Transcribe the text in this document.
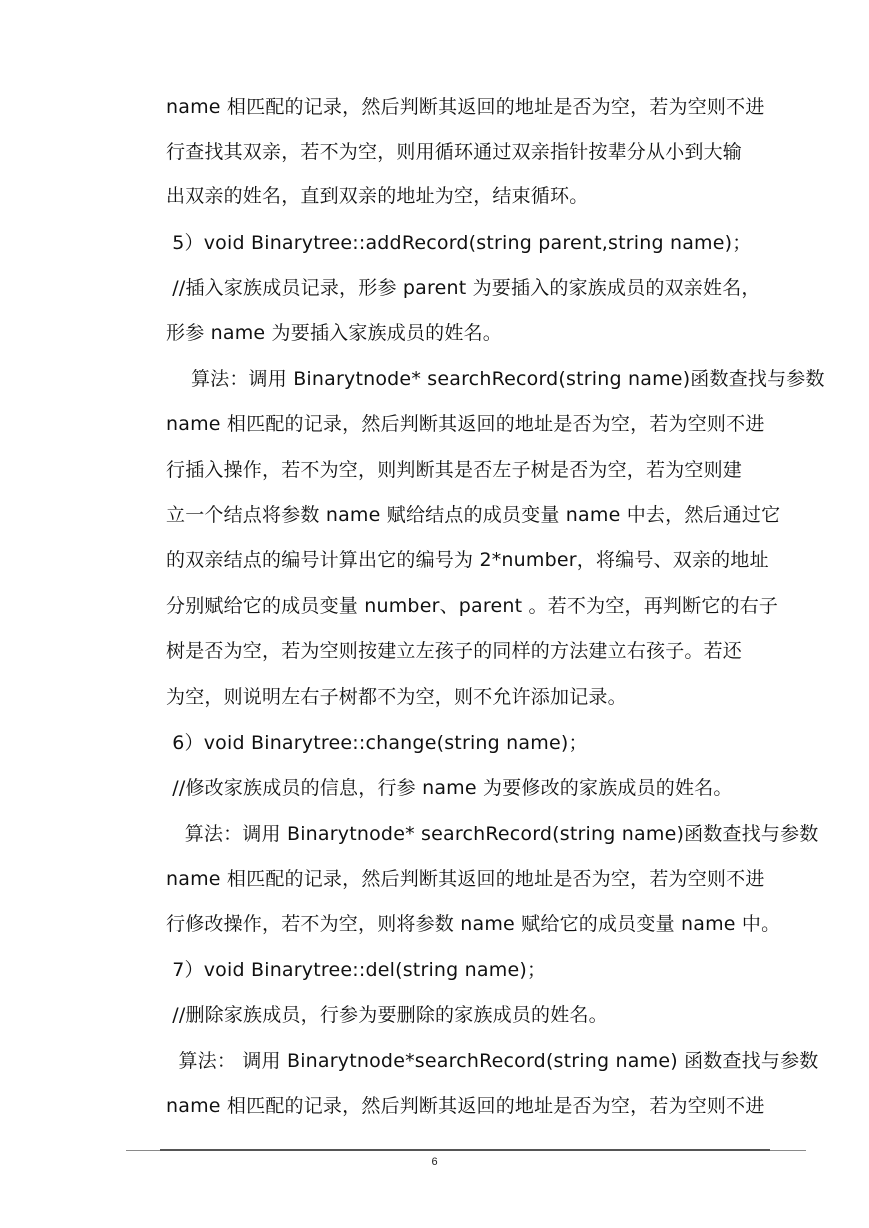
name 相匹配的记录，然后判断其返回的地址是否为空，若为空则不进
行查找其双亲，若不为空，则用循环通过双亲指针按辈分从小到大输
出双亲的姓名，直到双亲的地址为空，结束循环。
5）void Binarytree::addRecord(string parent,string name)；
//插入家族成员记录，形参 parent 为要插入的家族成员的双亲姓名，
形参 name 为要插入家族成员的姓名。
算法：调用 Binarytnode* searchRecord(string name)函数查找与参数
name 相匹配的记录，然后判断其返回的地址是否为空，若为空则不进
行插入操作，若不为空，则判断其是否左子树是否为空，若为空则建
立一个结点将参数 name 赋给结点的成员变量 name 中去，然后通过它
的双亲结点的编号计算出它的编号为 2*number，将编号、双亲的地址
分别赋给它的成员变量 number、parent 。若不为空，再判断它的右子
树是否为空，若为空则按建立左孩子的同样的方法建立右孩子。若还
为空，则说明左右子树都不为空，则不允许添加记录。
6）void Binarytree::change(string name)；
//修改家族成员的信息，行参 name 为要修改的家族成员的姓名。
算法：调用 Binarytnode* searchRecord(string name)函数查找与参数
name 相匹配的记录，然后判断其返回的地址是否为空，若为空则不进
行修改操作，若不为空，则将参数 name 赋给它的成员变量 name 中。
7）void Binarytree::del(string name)；
//删除家族成员，行参为要删除的家族成员的姓名。
算法： 调用 Binarytnode*searchRecord(string name) 函数查找与参数
name 相匹配的记录，然后判断其返回的地址是否为空，若为空则不进
6
